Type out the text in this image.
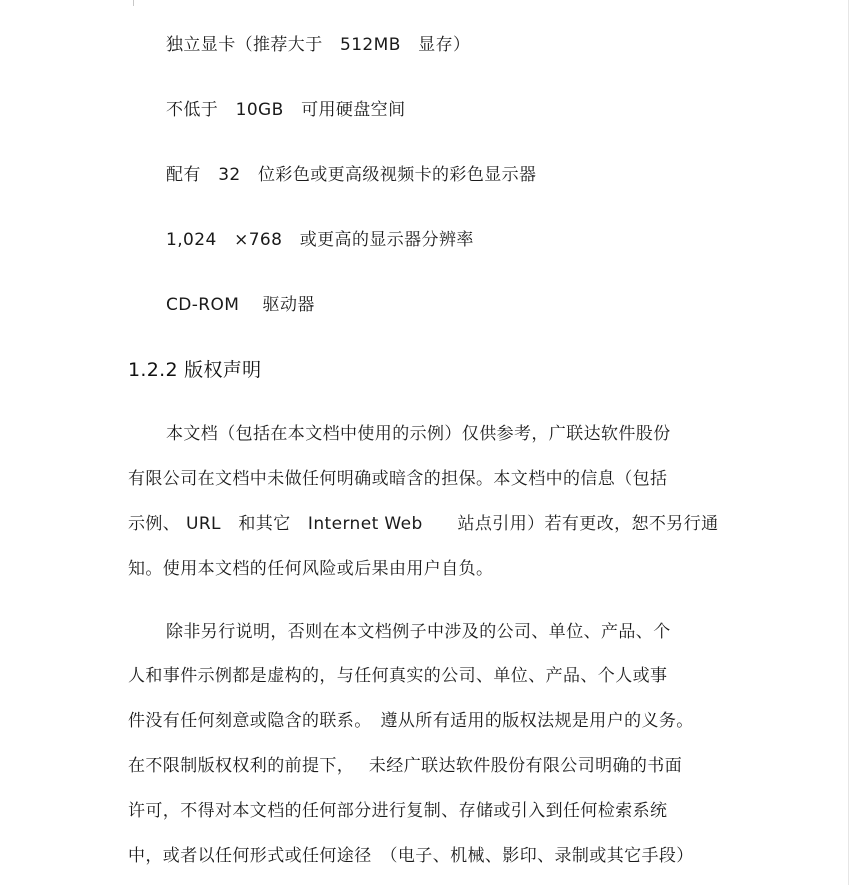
独立显卡（推荐大于　512MB　显存）
不低于　10GB　可用硬盘空间
配有　32　位彩色或更高级视频卡的彩色显示器
1,024　×768　或更高的显示器分辨率
CD-ROM　 驱动器
1.2.2 版权声明
本文档（包括在本文档中使用的示例）仅供参考，广联达软件股份
有限公司在文档中未做任何明确或暗含的担保。本文档中的信息（包括
示例、 URL　和其它　Internet Web　　站点引用）若有更改，恕不另行通
知。使用本文档的任何风险或后果由用户自负。
除非另行说明，否则在本文档例子中涉及的公司、单位、产品、个
人和事件示例都是虚构的，与任何真实的公司、单位、产品、个人或事
件没有任何刻意或隐含的联系。　遵从所有适用的版权法规是用户的义务。
在不限制版权权利的前提下，　 未经广联达软件股份有限公司明确的书面
许可，不得对本文档的任何部分进行复制、存储或引入到任何检索系统
中，或者以任何形式或任何途径　（电子、机械、影印、录制或其它手段）
